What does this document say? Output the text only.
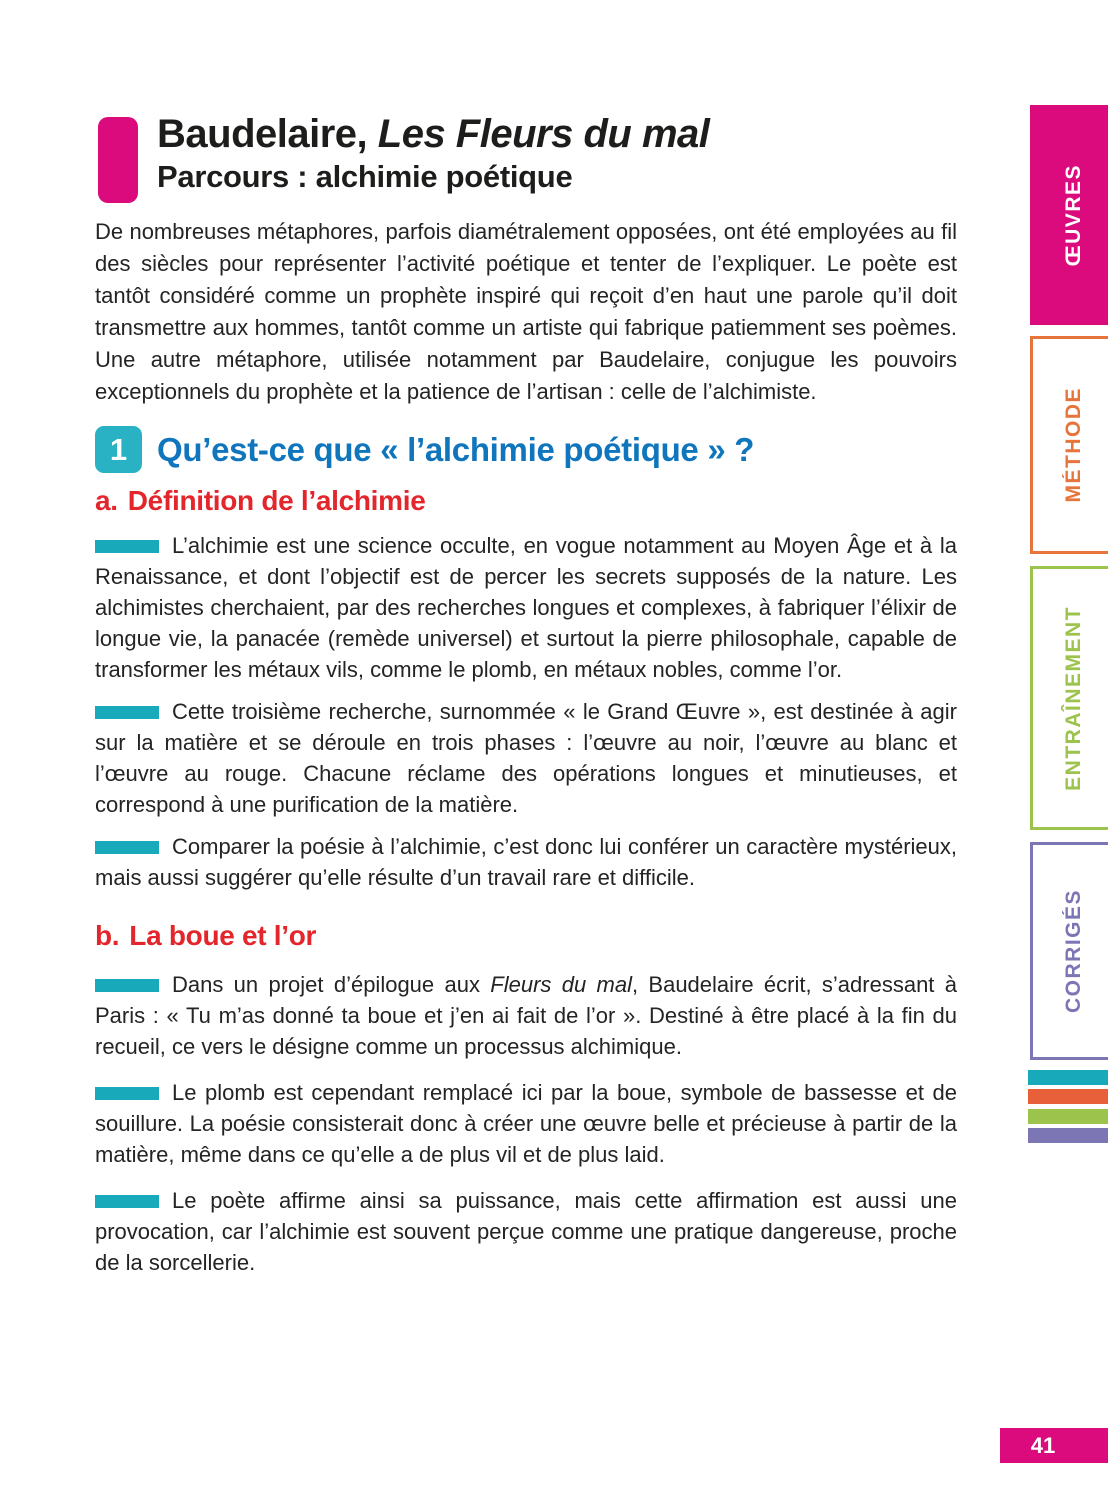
Baudelaire, Les Fleurs du mal
Parcours : alchimie poétique
De nombreuses métaphores, parfois diamétralement opposées, ont été employées au fil des siècles pour représenter l’activité poétique et tenter de l’expliquer. Le poète est tantôt considéré comme un prophète inspiré qui reçoit d’en haut une parole qu’il doit transmettre aux hommes, tantôt comme un artiste qui fabrique patiemment ses poèmes. Une autre métaphore, utilisée notamment par Baudelaire, conjugue les pouvoirs exceptionnels du prophète et la patience de l’artisan : celle de l’alchimiste.
1 Qu’est-ce que « l’alchimie poétique » ?
a. Définition de l’alchimie

L’alchimie est une science occulte, en vogue notamment au Moyen Âge et à la Renaissance, et dont l’objectif est de percer les secrets supposés de la nature. Les alchimistes cherchaient, par des recherches longues et complexes, à fabriquer l’élixir de longue vie, la panacée (remède universel) et surtout la pierre philosophale, capable de transformer les métaux vils, comme le plomb, en métaux nobles, comme l’or.

Cette troisième recherche, surnommée « le Grand Œuvre », est destinée à agir sur la matière et se déroule en trois phases : l’œuvre au noir, l’œuvre au blanc et l’œuvre au rouge. Chacune réclame des opérations longues et minutieuses, et correspond à une purification de la matière.

Comparer la poésie à l’alchimie, c’est donc lui conférer un caractère mystérieux, mais aussi suggérer qu’elle résulte d’un travail rare et difficile.

b. La boue et l’or

Dans un projet d’épilogue aux Fleurs du mal, Baudelaire écrit, s’adressant à Paris : « Tu m’as donné ta boue et j’en ai fait de l’or ». Destiné à être placé à la fin du recueil, ce vers le désigne comme un processus alchimique.

Le plomb est cependant remplacé ici par la boue, symbole de bassesse et de souillure. La poésie consisterait donc à créer une œuvre belle et précieuse à partir de la matière, même dans ce qu’elle a de plus vil et de plus laid.

Le poète affirme ainsi sa puissance, mais cette affirmation est aussi une provocation, car l’alchimie est souvent perçue comme une pratique dangereuse, proche de la sorcellerie.

ŒUVRES
MÉTHODE
ENTRAÎNEMENT
CORRIGÉS
41
